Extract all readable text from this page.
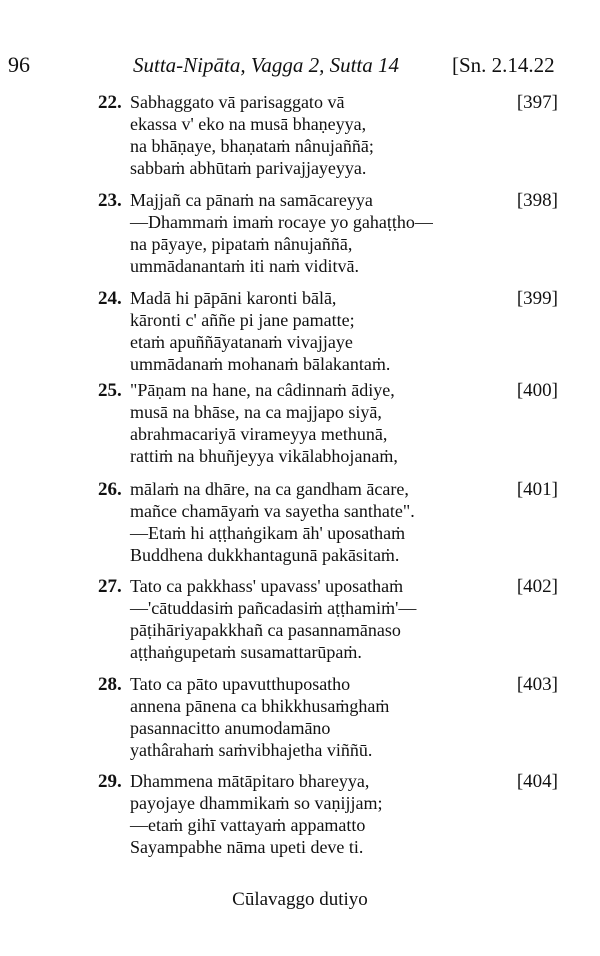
96	Sutta-Nipāta, Vagga 2, Sutta 14	[Sn. 2.14.22
22. Sabhaggato vā parisaggato vā
ekassa v' eko na musā bhaṇeyya,
na bhāṇaye, bhaṇataṁ nânujaññā;
sabbaṁ abhūtaṁ parivajjayeyya.
[397]
23. Majjañ ca pānaṁ na samācareyya
—Dhammaṁ imaṁ rocaye yo gahaṭṭho—
na pāyaye, pipataṁ nânujaññā,
ummādanantaṁ iti naṁ viditvā.
[398]
24. Madā hi pāpāni karonti bālā,
kāronti c' aññe pi jane pamatte;
etaṁ apuññāyatanaṁ vivajjaye
ummādanaṁ mohanaṁ bālakantaṁ.
[399]
25. "Pāṇam na hane, na câdinnaṁ ādiye,
musā na bhāse, na ca majjapo siyā,
abrahmacariyā virameyya methunā,
rattiṁ na bhuñjeyya vikālabhojanaṁ,
[400]
26. mālaṁ na dhāre, na ca gandham ācare,
mañce chamāyaṁ va sayetha santhate".
—Etaṁ hi aṭṭhaṅgikam āh' uposathaṁ
Buddhena dukkhantagunā pakāsitaṁ.
[401]
27. Tato ca pakkhass' upavass' uposathaṁ
—'cātuddasiṁ pañcadasiṁ aṭṭhamiṁ'—
pāṭihāriyapakkhañ ca pasannamānaso
aṭṭhaṅgupetaṁ susamattarūpaṁ.
[402]
28. Tato ca pāto upavutthuposatho
annena pānena ca bhikkhusaṁghaṁ
pasannacitto anumodamāno
yathârahaṁ saṁvibhajetha viññū.
[403]
29. Dhammena mātāpitaro bhareyya,
payojaye dhammikaṁ so vaṇijjam;
—etaṁ gihī vattayaṁ appamatto
Sayampabhe nāma upeti deve ti.
[404]
Cūlavaggo dutiyo
